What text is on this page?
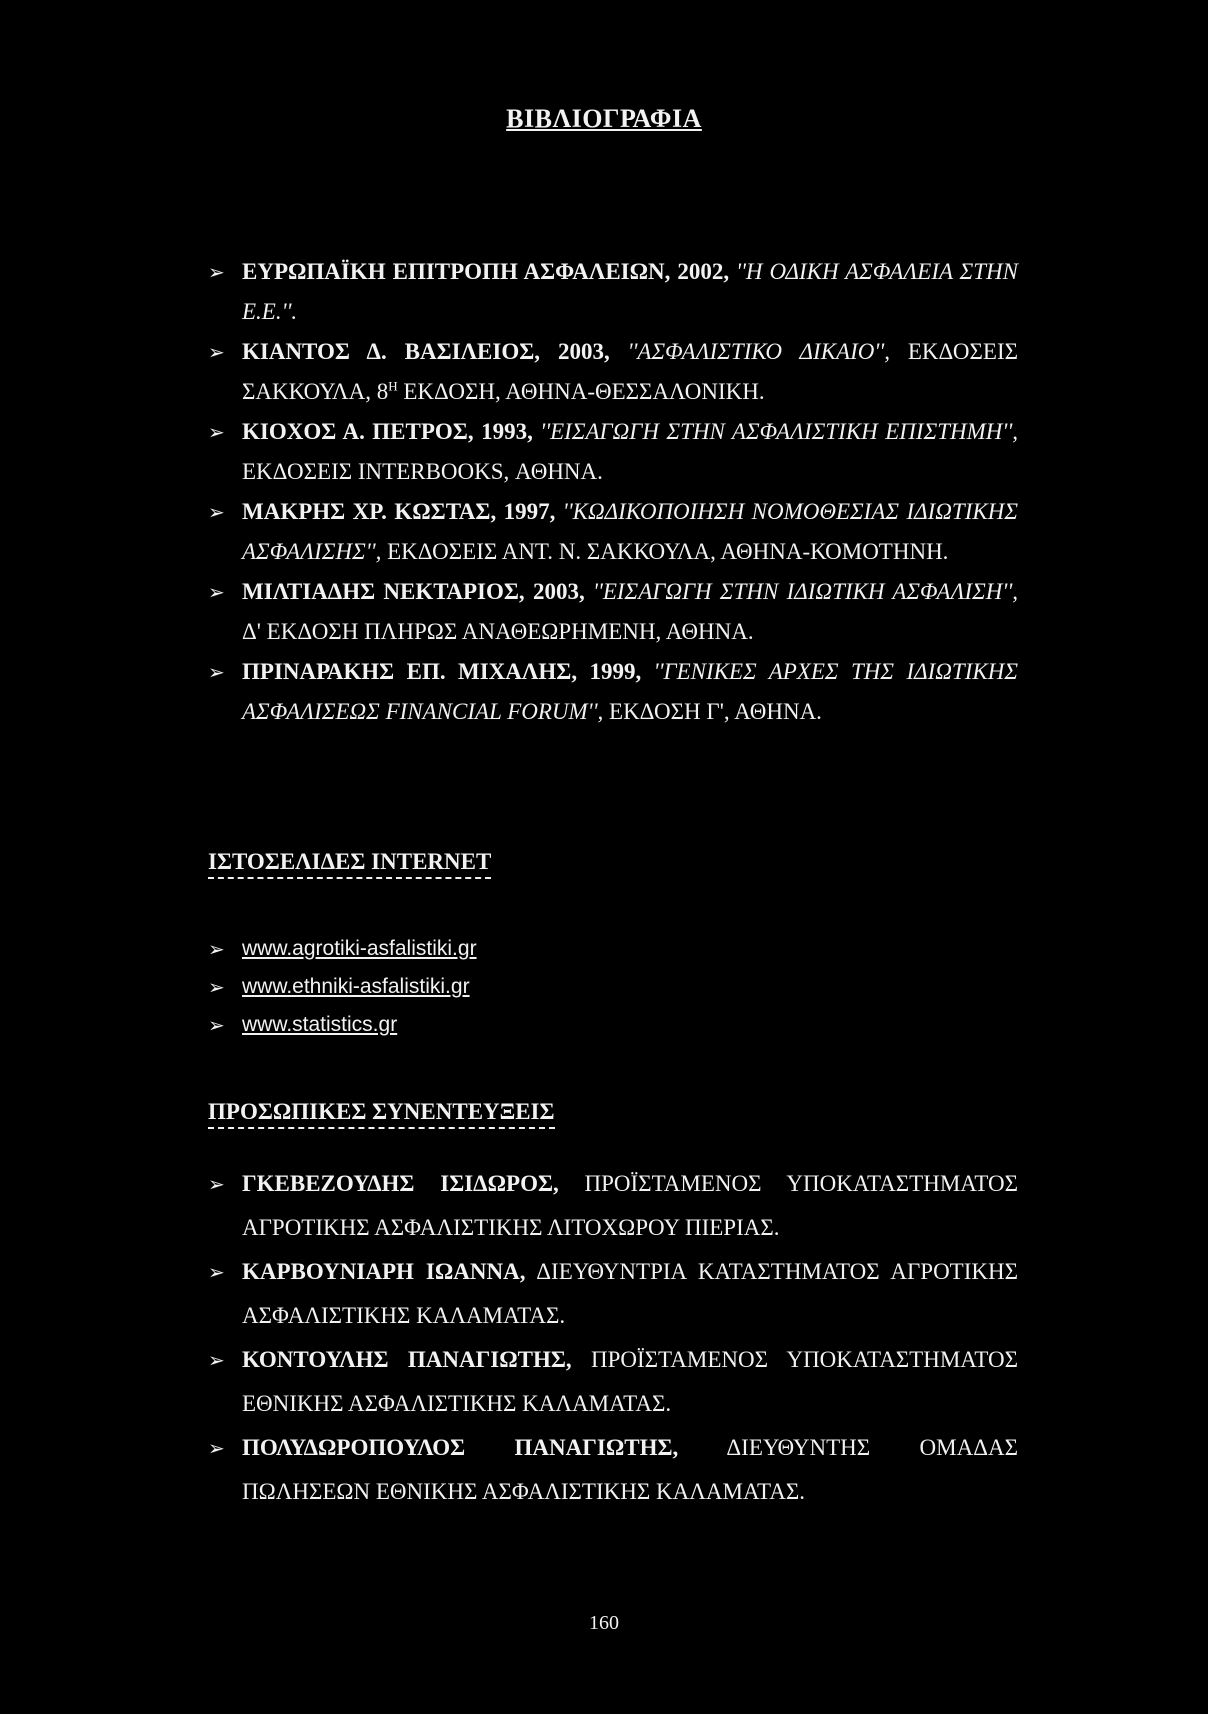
ΒΙΒΛΙΟΓΡΑΦΙΑ
➢ ΕΥΡΩΠΑΪΚΗ ΕΠΙΤΡΟΠΗ ΑΣΦΑΛΕΙΩΝ, 2002, ''Η ΟΔΙΚΗ ΑΣΦΑΛΕΙΑ ΣΤΗΝ Ε.Ε.''.
➢ ΚΙΑΝΤΟΣ Δ. ΒΑΣΙΛΕΙΟΣ, 2003, ''ΑΣΦΑΛΙΣΤΙΚΟ ΔΙΚΑΙΟ'', ΕΚΔΟΣΕΙΣ ΣΑΚΚΟΥΛΑ, $8^H$ ΕΚΔΟΣΗ, ΑΘΗΝΑ-ΘΕΣΣΑΛΟΝΙΚΗ.
➢ ΚΙΟΧΟΣ Α. ΠΕΤΡΟΣ, 1993, ''ΕΙΣΑΓΩΓΗ ΣΤΗΝ ΑΣΦΑΛΙΣΤΙΚΗ ΕΠΙΣΤΗΜΗ'', ΕΚΔΟΣΕΙΣ INTERBOOKS, ΑΘΗΝΑ.
➢ ΜΑΚΡΗΣ ΧΡ. ΚΩΣΤΑΣ, 1997, ''ΚΩΔΙΚΟΠΟΙΗΣΗ ΝΟΜΟΘΕΣΙΑΣ ΙΔΙΩΤΙΚΗΣ ΑΣΦΑΛΙΣΗΣ'', ΕΚΔΟΣΕΙΣ ΑΝΤ. Ν. ΣΑΚΚΟΥΛΑ, ΑΘΗΝΑ-ΚΟΜΟΤΗΝΗ.
➢ ΜΙΛΤΙΑΔΗΣ ΝΕΚΤΑΡΙΟΣ, 2003, ''ΕΙΣΑΓΩΓΗ ΣΤΗΝ ΙΔΙΩΤΙΚΗ ΑΣΦΑΛΙΣΗ'', Δ' ΕΚΔΟΣΗ ΠΛΗΡΩΣ ΑΝΑΘΕΩΡΗΜΕΝΗ, ΑΘΗΝΑ.
➢ ΠΡΙΝΑΡΑΚΗΣ ΕΠ. ΜΙΧΑΛΗΣ, 1999, ''ΓΕΝΙΚΕΣ ΑΡΧΕΣ ΤΗΣ ΙΔΙΩΤΙΚΗΣ ΑΣΦΑΛΙΣΕΩΣ FINANCIAL FORUM'', ΕΚΔΟΣΗ Γ', ΑΘΗΝΑ.
ΙΣΤΟΣΕΛΙΔΕΣ INTERNET
➢ www.agrotiki-asfalistiki.gr
➢ www.ethniki-asfalistiki.gr
➢ www.statistics.gr
ΠΡΟΣΩΠΙΚΕΣ ΣΥΝΕΝΤΕΥΞΕΙΣ
➢ ΓΚΕΒΕΖΟΥΔΗΣ ΙΣΙΔΩΡΟΣ, ΠΡΟΪΣΤΑΜΕΝΟΣ ΥΠΟΚΑΤΑΣΤΗΜΑΤΟΣ ΑΓΡΟΤΙΚΗΣ ΑΣΦΑΛΙΣΤΙΚΗΣ ΛΙΤΟΧΩΡΟΥ ΠΙΕΡΙΑΣ.
➢ ΚΑΡΒΟΥΝΙΑΡΗ ΙΩΑΝΝΑ, ΔΙΕΥΘΥΝΤΡΙΑ ΚΑΤΑΣΤΗΜΑΤΟΣ ΑΓΡΟΤΙΚΗΣ ΑΣΦΑΛΙΣΤΙΚΗΣ ΚΑΛΑΜΑΤΑΣ.
➢ ΚΟΝΤΟΥΛΗΣ ΠΑΝΑΓΙΩΤΗΣ, ΠΡΟΪΣΤΑΜΕΝΟΣ ΥΠΟΚΑΤΑΣΤΗΜΑΤΟΣ ΕΘΝΙΚΗΣ ΑΣΦΑΛΙΣΤΙΚΗΣ ΚΑΛΑΜΑΤΑΣ.
➢ ΠΟΛΥΔΩΡΟΠΟΥΛΟΣ ΠΑΝΑΓΙΩΤΗΣ, ΔΙΕΥΘΥΝΤΗΣ ΟΜΑΔΑΣ ΠΩΛΗΣΕΩΝ ΕΘΝΙΚΗΣ ΑΣΦΑΛΙΣΤΙΚΗΣ ΚΑΛΑΜΑΤΑΣ.
160
